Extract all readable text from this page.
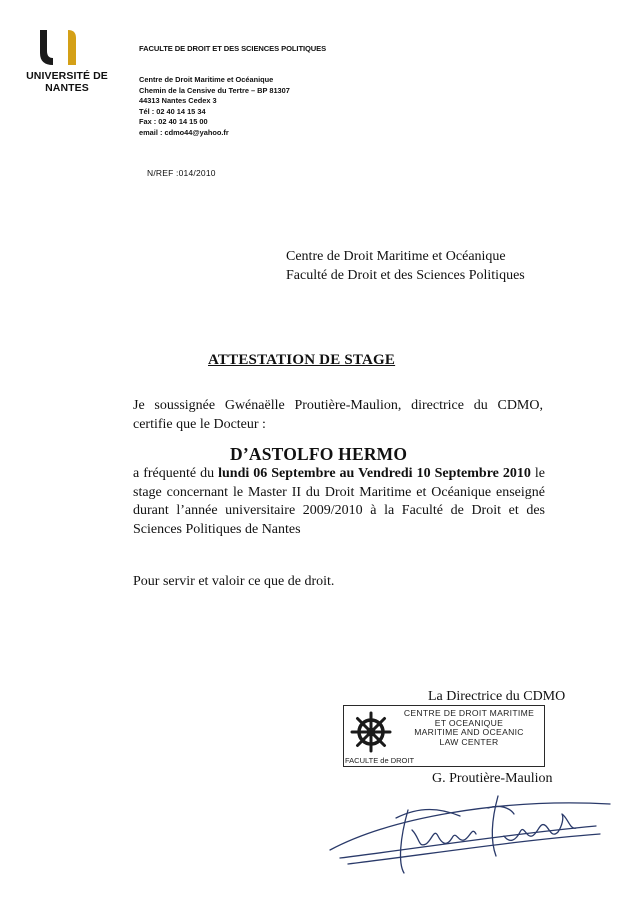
UNIVERSITÉ DE NANTES
FACULTE DE DROIT ET DES SCIENCES POLITIQUES
Centre de Droit Maritime et Océanique
Chemin de la Censive du Tertre – BP 81307
44313 Nantes Cedex 3
Tél : 02 40 14 15 34
Fax : 02 40 14 15 00
email : cdmo44@yahoo.fr
N/REF :014/2010
Centre de Droit Maritime et Océanique
Faculté de Droit et des Sciences Politiques
ATTESTATION DE STAGE
Je soussignée Gwénaëlle Proutière-Maulion, directrice du CDMO, certifie que le Docteur :
D’ASTOLFO HERMO
a fréquenté du lundi 06 Septembre au Vendredi 10 Septembre 2010 le stage concernant le Master II du Droit Maritime et Océanique enseigné durant l’année universitaire 2009/2010 à la Faculté de Droit et des Sciences Politiques de Nantes
Pour servir et valoir ce que de droit.
La Directrice du CDMO
CENTRE DE DROIT MARITIME
ET OCEANIQUE
MARITIME AND OCEANIC
LAW CENTER
FACULTE de DROIT
G. Proutière-Maulion
